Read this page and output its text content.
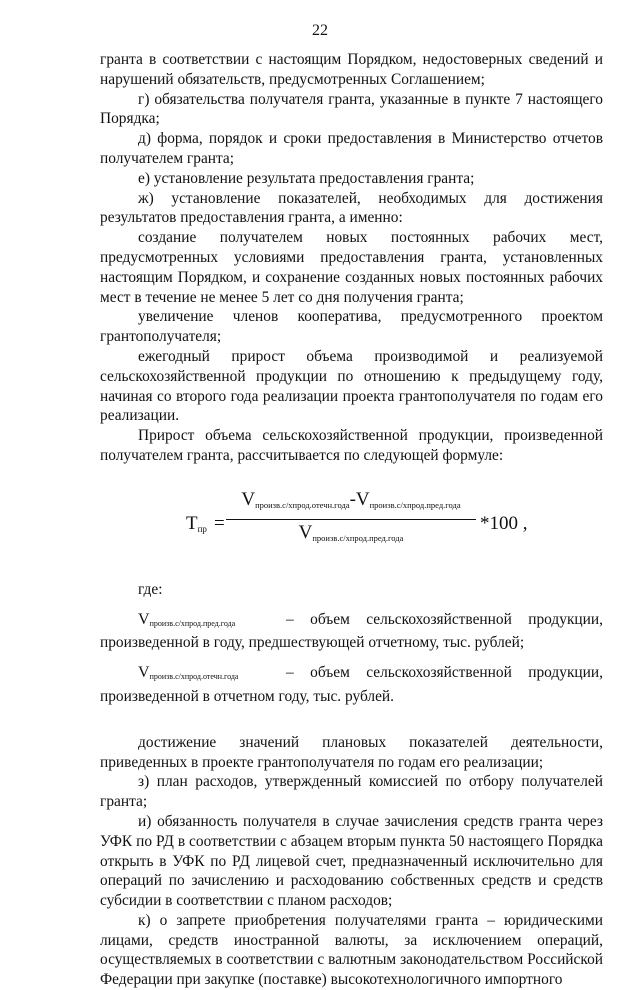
22

гранта в соответствии с настоящим Порядком, недостоверных сведений и нарушений обязательств, предусмотренных Соглашением;

г) обязательства получателя гранта, указанные в пункте 7 настоящего Порядка;

д) форма, порядок и сроки предоставления в Министерство отчетов получателем гранта;

е) установление результата предоставления гранта;

ж) установление показателей, необходимых для достижения результатов предоставления гранта, а именно:

создание получателем новых постоянных рабочих мест, предусмотренных условиями предоставления гранта, установленных настоящим Порядком, и сохранение созданных новых постоянных рабочих мест в течение не менее 5 лет со дня получения гранта;

увеличение членов кооператива, предусмотренного проектом грантополучателя;

ежегодный прирост объема производимой и реализуемой сельскохозяйственной продукции по отношению к предыдущему году, начиная со второго года реализации проекта грантополучателя по годам его реализации.

Прирост объема сельскохозяйственной продукции, произведенной получателем гранта, рассчитывается по следующей формуле:

$Т_{пр}$ =
$V_{произв.с/хпрод.отечн.года}-V_{произв.с/хпрод.пред.года}$
$V_{произв.с/хпрод.пред.года}$
*100 ,

где:

$V_{произв.с/хпрод.пред.года}$	– объем сельскохозяйственной продукции, произведенной в году, предшествующей отчетному, тыс. рублей;

$V_{произв.с/хпрод.отечн.года}$	– объем сельскохозяйственной продукции, произведенной в отчетном году, тыс. рублей.

достижение значений плановых показателей деятельности, приведенных в проекте грантополучателя по годам его реализации;

з) план расходов, утвержденный комиссией по отбору получателей гранта;

и) обязанность получателя в случае зачисления средств гранта через УФК по РД в соответствии с абзацем вторым пункта 50 настоящего Порядка открыть в УФК по РД лицевой счет, предназначенный исключительно для операций по зачислению и расходованию собственных средств и средств субсидии в соответствии с планом расходов;

к) о запрете приобретения получателями гранта – юридическими лицами, средств иностранной валюты, за исключением операций, осуществляемых в соответствии с валютным законодательством Российской Федерации при закупке (поставке) высокотехнологичного импортного
